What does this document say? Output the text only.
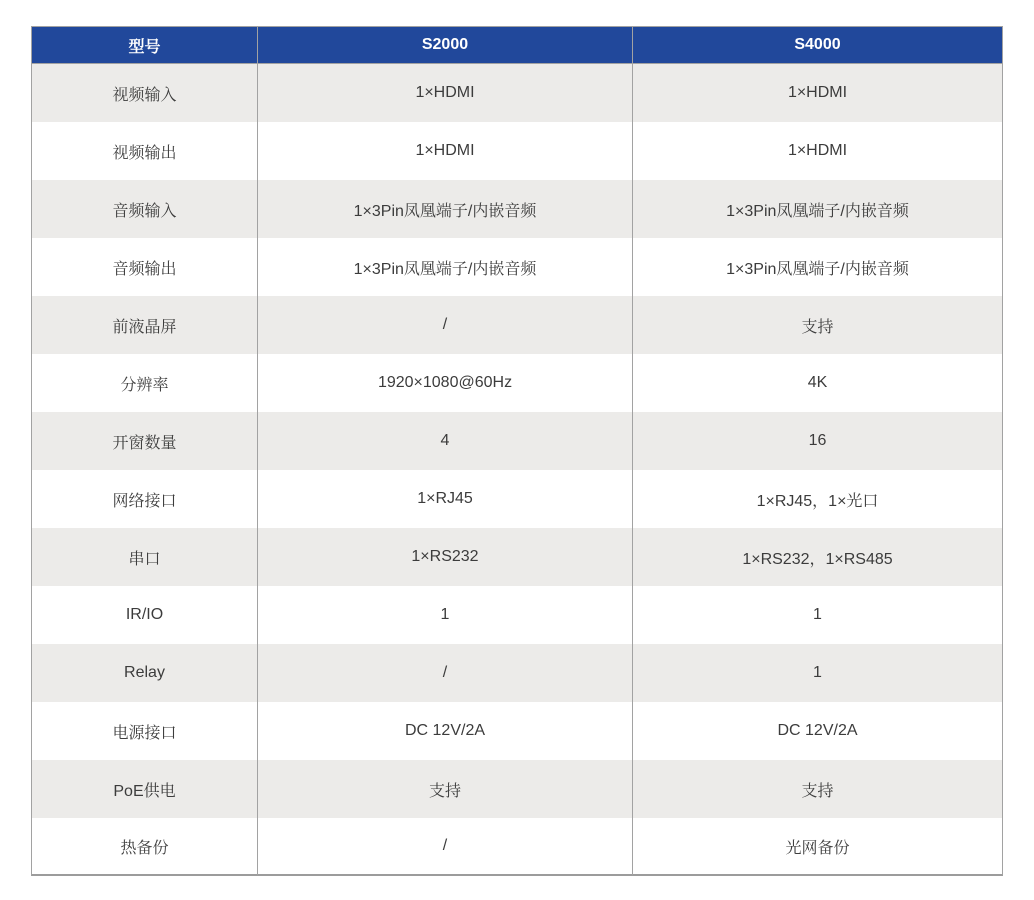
型号	S2000	S4000
视频输入	1×HDMI	1×HDMI
视频输出	1×HDMI	1×HDMI
音频输入	1×3Pin凤凰端子/内嵌音频	1×3Pin凤凰端子/内嵌音频
音频输出	1×3Pin凤凰端子/内嵌音频	1×3Pin凤凰端子/内嵌音频
前液晶屏	/	支持
分辨率	1920×1080@60Hz	4K
开窗数量	4	16
网络接口	1×RJ45	1×RJ45，1×光口
串口	1×RS232	1×RS232，1×RS485
IR/IO	1	1
Relay	/	1
电源接口	DC 12V/2A	DC 12V/2A
PoE供电	支持	支持
热备份	/	光网备份
